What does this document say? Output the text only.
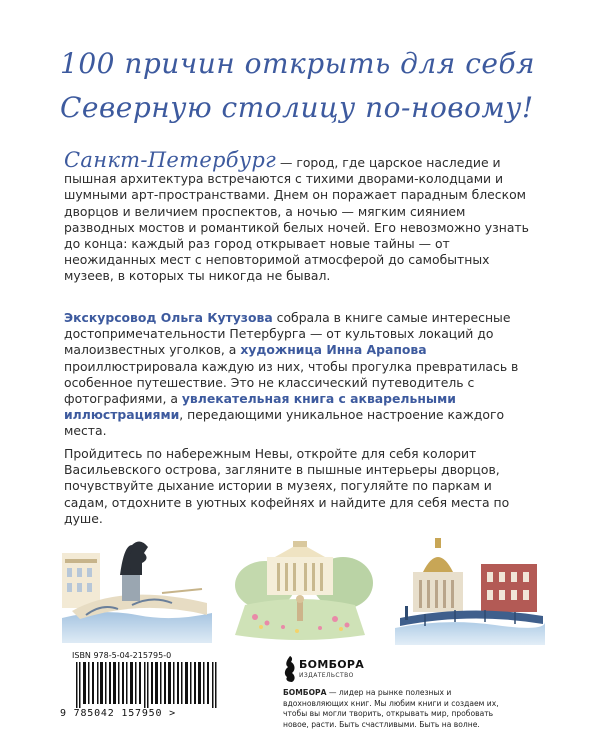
100 причин открыть для себя
Северную столицу по-новому!
Санкт-Петербург — город, где царское наследие и пышная архитектура встречаются с тихими дворами-колодцами и шумными арт-пространствами. Днем он поражает парадным блеском дворцов и величием проспектов, а ночью — мягким сиянием разводных мостов и романтикой белых ночей. Его невозможно узнать до конца: каждый раз город открывает новые тайны — от неожиданных мест с неповторимой атмосферой до самобытных музеев, в которых ты никогда не бывал.
Экскурсовод Ольга Кутузова собрала в книге самые интересные достопримечательности Петербурга — от культовых локаций до малоизвестных уголков, а художница Инна Арапова проиллюстрировала каждую из них, чтобы прогулка превратилась в особенное путешествие. Это не классический путеводитель с фотографиями, а увлекательная книга с акварельными иллюстрациями, передающими уникальное настроение каждого места.
Пройдитесь по набережным Невы, откройте для себя колорит Васильевского острова, загляните в пышные интерьеры дворцов, почувствуйте дыхание истории в музеях, погуляйте по паркам и садам, отдохните в уютных кофейнях и найдите для себя места по душе.
ISBN 978-5-04-215795-0
9 785042 157950 >
БОМБОРА
ИЗДАТЕЛЬСТВО
БОМБОРА — лидер на рынке полезных и вдохновляющих книг. Мы любим книги и создаем их, чтобы вы могли творить, открывать мир, пробовать новое, расти. Быть счастливыми. Быть на волне.
